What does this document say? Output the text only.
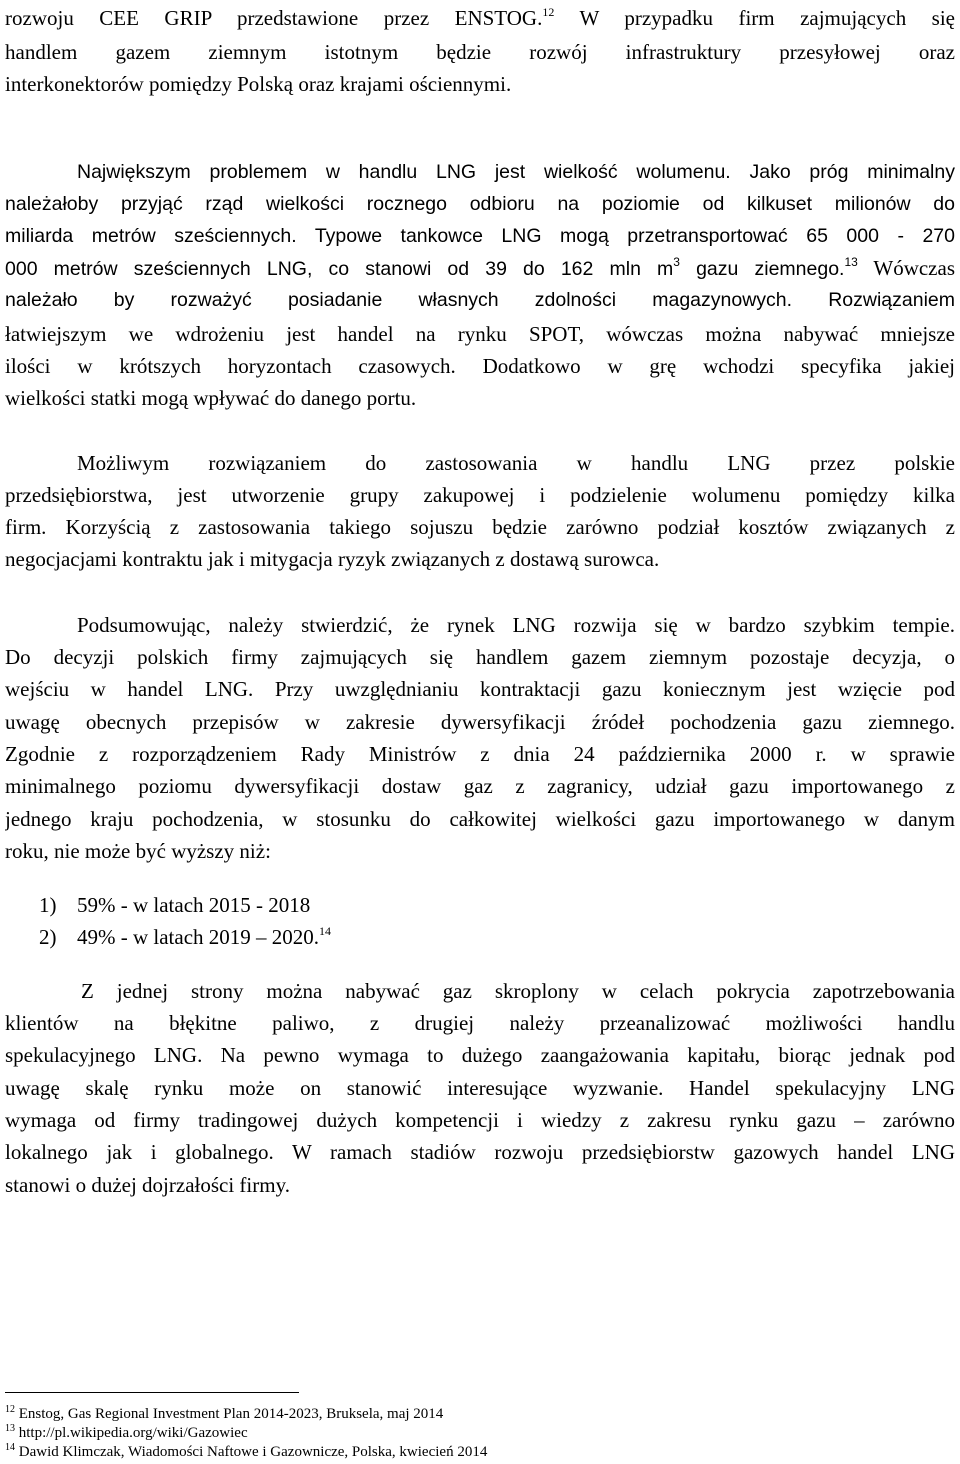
rozwoju CEE GRIP przedstawione przez ENSTOG.$^{12}$ W przypadku firm zajmujących się
handlem gazem ziemnym istotnym będzie rozwój infrastruktury przesyłowej oraz
interkonektorów pomiędzy Polską oraz krajami ościennymi.
Największym problemem w handlu LNG jest wielkość wolumenu. Jako próg minimalny
należałoby przyjąć rząd wielkości rocznego odbioru na poziomie od kilkuset milionów do
miliarda metrów sześciennych. Typowe tankowce LNG mogą przetransportować 65 000 - 270
000 metrów sześciennych LNG, co stanowi od 39 do 162 mln $m^3$ gazu ziemnego.$^{13}$ Wówczas
należało by rozważyć posiadanie własnych zdolności magazynowych. Rozwiązaniem
łatwiejszym we wdrożeniu jest handel na rynku SPOT, wówczas można nabywać mniejsze
ilości w krótszych horyzontach czasowych. Dodatkowo w grę wchodzi specyfika jakiej
wielkości statki mogą wpływać do danego portu.
Możliwym rozwiązaniem do zastosowania w handlu LNG przez polskie
przedsiębiorstwa, jest utworzenie grupy zakupowej i podzielenie wolumenu pomiędzy kilka
firm. Korzyścią z zastosowania takiego sojuszu będzie zarówno podział kosztów związanych z
negocjacjami kontraktu jak i mitygacja ryzyk związanych z dostawą surowca.
Podsumowując, należy stwierdzić, że rynek LNG rozwija się w bardzo szybkim tempie.
Do decyzji polskich firmy zajmujących się handlem gazem ziemnym pozostaje decyzja, o
wejściu w handel LNG. Przy uwzględnianiu kontraktacji gazu koniecznym jest wzięcie pod
uwagę obecnych przepisów w zakresie dywersyfikacji źródeł pochodzenia gazu ziemnego.
Zgodnie z rozporządzeniem Rady Ministrów z dnia 24 października 2000 r. w sprawie
minimalnego poziomu dywersyfikacji dostaw gaz z zagranicy, udział gazu importowanego z
jednego kraju pochodzenia, w stosunku do całkowitej wielkości gazu importowanego w danym
roku, nie może być wyższy niż:
1) 59% - w latach 2015 - 2018
2) 49% - w latach 2019 – 2020.14
Z jednej strony można nabywać gaz skroplony w celach pokrycia zapotrzebowania
klientów na błękitne paliwo, z drugiej należy przeanalizować możliwości handlu
spekulacyjnego LNG. Na pewno wymaga to dużego zaangażowania kapitału, biorąc jednak pod
uwagę skalę rynku może on stanowić interesujące wyzwanie. Handel spekulacyjny LNG
wymaga od firmy tradingowej dużych kompetencji i wiedzy z zakresu rynku gazu – zarówno
lokalnego jak i globalnego. W ramach stadiów rozwoju przedsiębiorstw gazowych handel LNG
stanowi o dużej dojrzałości firmy.
$^{12}$ Enstog, Gas Regional Investment Plan 2014-2023, Bruksela, maj 2014
$^{13}$ http://pl.wikipedia.org/wiki/Gazowiec
$^{14}$ Dawid Klimczak, Wiadomości Naftowe i Gazownicze, Polska, kwiecień 2014
